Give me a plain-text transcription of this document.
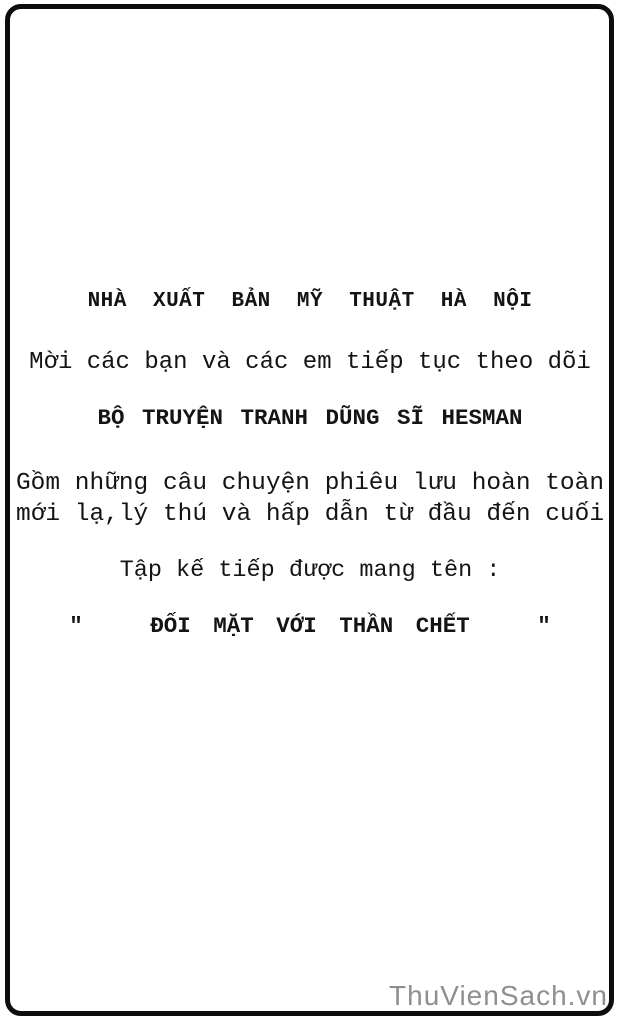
NHÀ XUẤT BẢN MỸ THUẬT HÀ NỘI
Mời các bạn và các em tiếp tục theo dõi
BỘ TRUYỆN TRANH DŨNG SĨ HESMAN
Gồm những câu chuyện phiêu lưu hoàn toàn
mới lạ,lý thú và hấp dẫn từ đầu đến cuối
Tập kế tiếp được mang tên :
"   ĐỐI MẶT VỚI THẦN CHẾT   "
ThuVienSach.vn
